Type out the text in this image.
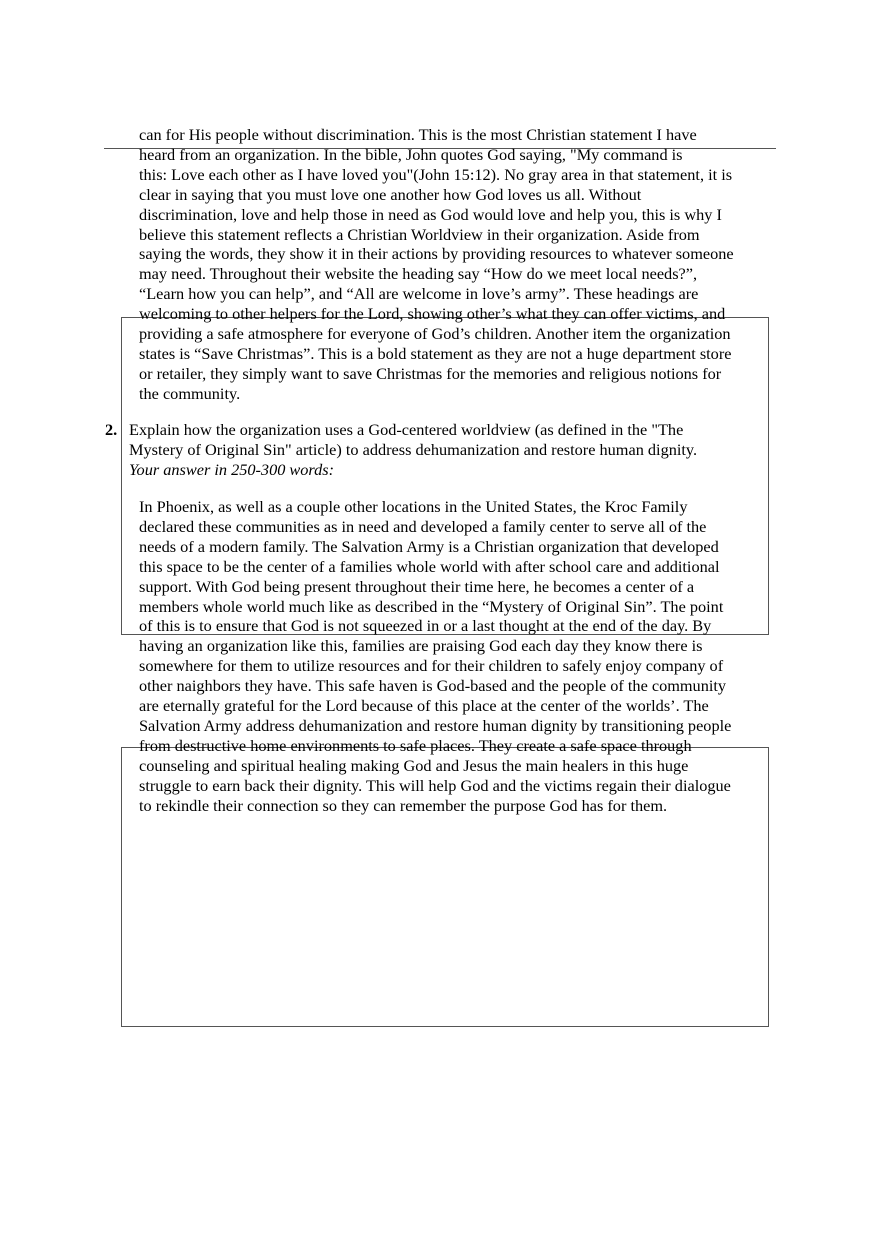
can for His people without discrimination. This is the most Christian statement I have
heard from an organization. In the bible, John quotes God saying, "My command is
this: Love each other as I have loved you"(John 15:12). No gray area in that statement, it is
clear in saying that you must love one another how God loves us all. Without
discrimination, love and help those in need as God would love and help you, this is why I
believe this statement reflects a Christian Worldview in their organization. Aside from
saying the words, they show it in their actions by providing resources to whatever someone
may need. Throughout their website the heading say “How do we meet local needs?”,
“Learn how you can help”, and “All are welcome in love’s army”. These headings are
welcoming to other helpers for the Lord, showing other’s what they can offer victims, and
providing a safe atmosphere for everyone of God’s children. Another item the organization
states is “Save Christmas”. This is a bold statement as they are not a huge department store
or retailer, they simply want to save Christmas for the memories and religious notions for
the community.
2. Explain how the organization uses a God-centered worldview (as defined in the "The
Mystery of Original Sin" article) to address dehumanization and restore human dignity.
Your answer in 250-300 words:
In Phoenix, as well as a couple other locations in the United States, the Kroc Family
declared these communities as in need and developed a family center to serve all of the
needs of a modern family. The Salvation Army is a Christian organization that developed
this space to be the center of a families whole world with after school care and additional
support. With God being present throughout their time here, he becomes a center of a
members whole world much like as described in the “Mystery of Original Sin”. The point
of this is to ensure that God is not squeezed in or a last thought at the end of the day. By
having an organization like this, families are praising God each day they know there is
somewhere for them to utilize resources and for their children to safely enjoy company of
other naighbors they have. This safe haven is God-based and the people of the community
are eternally grateful for the Lord because of this place at the center of the worlds’. The
Salvation Army address dehumanization and restore human dignity by transitioning people
from destructive home environments to safe places. They create a safe space through
counseling and spiritual healing making God and Jesus the main healers in this huge
struggle to earn back their dignity. This will help God and the victims regain their dialogue
to rekindle their connection so they can remember the purpose God has for them.
